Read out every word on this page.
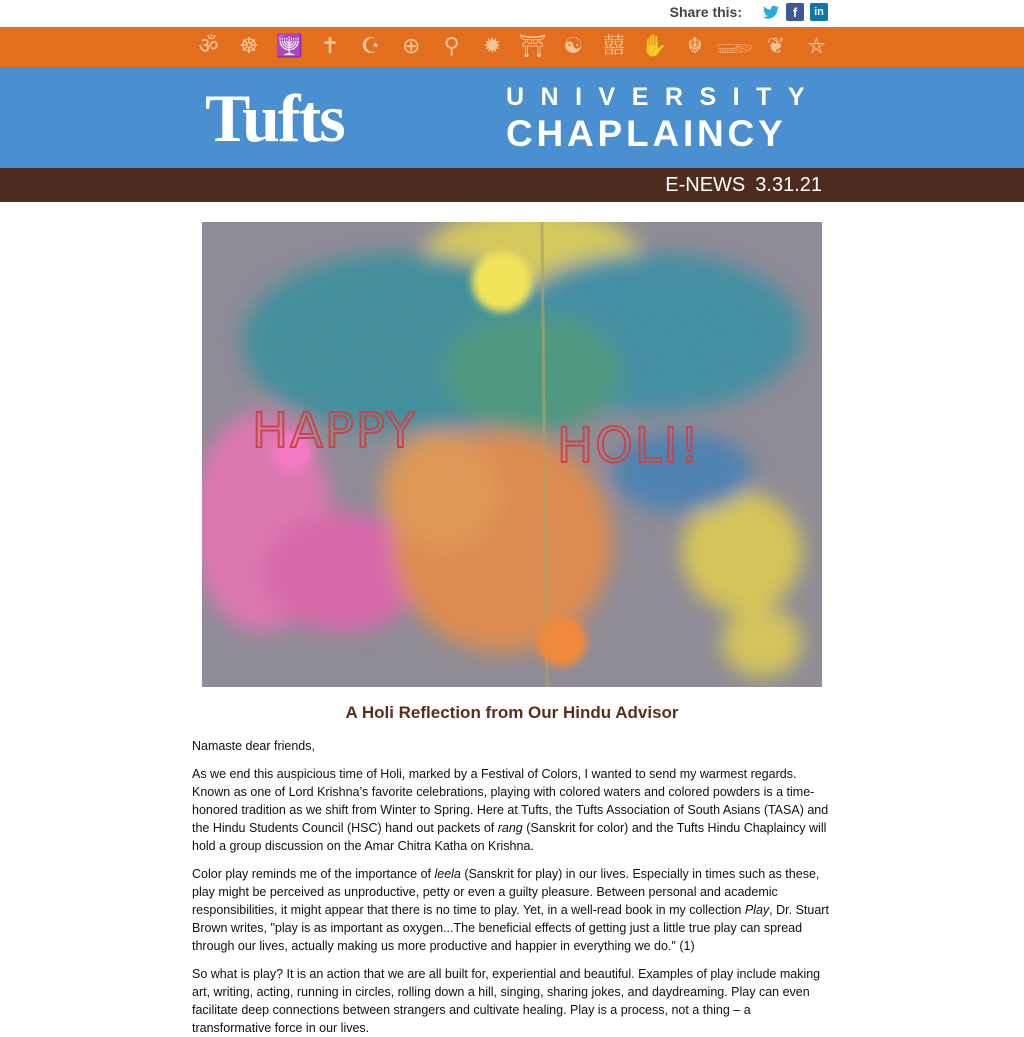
Share this:	f	in
ॐ ☸ 🕎 ✝ ☪ ⊕ ⚲ ✹ ⛩ ☯ 囍 ✋ ☬ 𓆃 ❦ ⛤
Tufts	UNIVERSITY
CHAPLAINCY
E-NEWS 3.31.21
HAPPY	HOLI!
A Holi Reflection from Our Hindu Advisor

Namaste dear friends,

As we end this auspicious time of Holi, marked by a Festival of Colors, I wanted to send my warmest regards. Known as one of Lord Krishna’s favorite celebrations, playing with colored waters and colored powders is a time-honored tradition as we shift from Winter to Spring. Here at Tufts, the Tufts Association of South Asians (TASA) and the Hindu Students Council (HSC) hand out packets of rang (Sanskrit for color) and the Tufts Hindu Chaplaincy will hold a group discussion on the Amar Chitra Katha on Krishna.

Color play reminds me of the importance of leela (Sanskrit for play) in our lives. Especially in times such as these, play might be perceived as unproductive, petty or even a guilty pleasure. Between personal and academic responsibilities, it might appear that there is no time to play. Yet, in a well-read book in my collection Play, Dr. Stuart Brown writes, "play is as important as oxygen...The beneficial effects of getting just a little true play can spread through our lives, actually making us more productive and happier in everything we do." (1)

So what is play? It is an action that we are all built for, experiential and beautiful. Examples of play include making art, writing, acting, running in circles, rolling down a hill, singing, sharing jokes, and daydreaming. Play can even facilitate deep connections between strangers and cultivate healing. Play is a process, not a thing – a transformative force in our lives.
